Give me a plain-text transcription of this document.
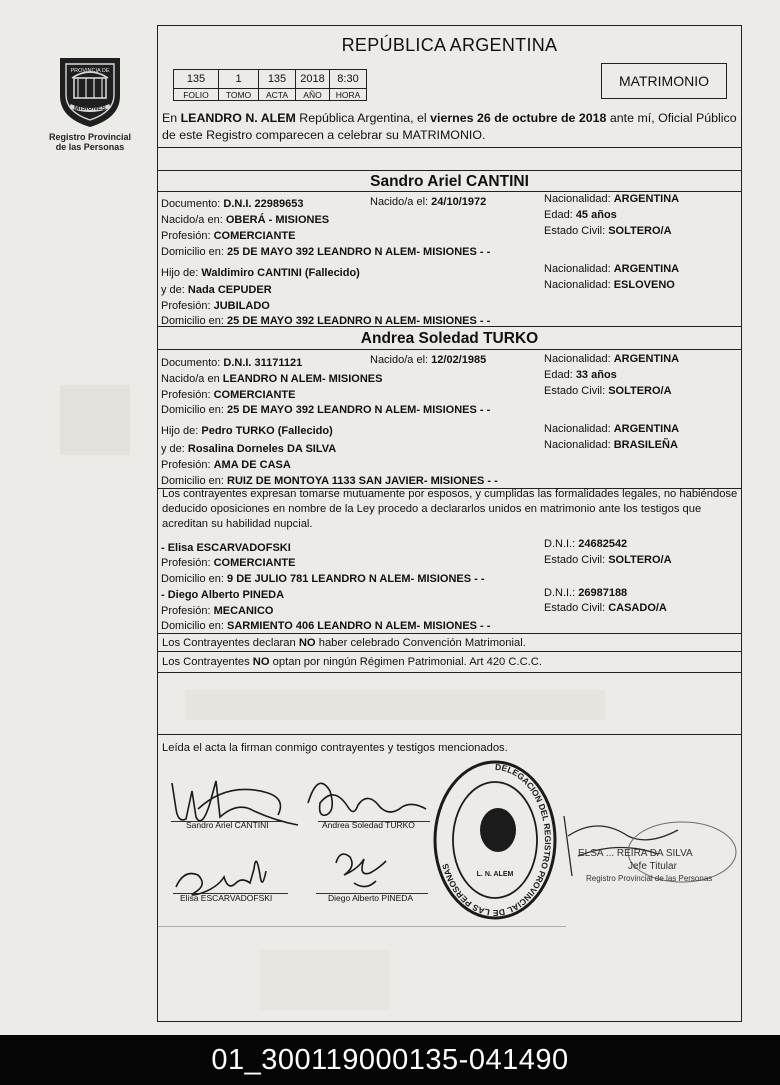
PROVINCIA DE
MISIONES
Registro Provincial
de las Personas
REPÚBLICA ARGENTINA
135	1	135	2018	8:30
FOLIO	TOMO	ACTA	AÑO	HORA
MATRIMONIO
En LEANDRO N. ALEM República Argentina, el viernes 26 de octubre de 2018 ante mí, Oficial Público de este Registro comparecen a celebrar su MATRIMONIO.
Sandro Ariel CANTINI
Documento: D.N.I. 22989653	Nacido/a el: 24/10/1972	Nacionalidad: ARGENTINA
Nacido/a en: OBERÁ - MISIONES	Edad: 45 años
Profesión: COMERCIANTE	Estado Civil: SOLTERO/A
Domicilio en: 25 DE MAYO 392 LEANDRO N ALEM- MISIONES - -
Hijo de: Waldimiro CANTINI (Fallecido)	Nacionalidad: ARGENTINA
y de: Nada CEPUDER	Nacionalidad: ESLOVENO
Profesión: JUBILADO
Domicilio en: 25 DE MAYO 392 LEADNRO N ALEM- MISIONES - -
Andrea Soledad TURKO
Documento: D.N.I. 31171121	Nacido/a el: 12/02/1985	Nacionalidad: ARGENTINA
Nacido/a en LEANDRO N ALEM- MISIONES	Edad: 33 años
Profesión: COMERCIANTE	Estado Civil: SOLTERO/A
Domicilio en: 25 DE MAYO 392 LEANDRO N ALEM- MISIONES - -
Hijo de: Pedro TURKO (Fallecido)	Nacionalidad: ARGENTINA
y de: Rosalina Dorneles DA SILVA	Nacionalidad: BRASILEÑA
Profesión: AMA DE CASA
Domicilio en: RUIZ DE MONTOYA 1133 SAN JAVIER- MISIONES - -
Los contrayentes expresan tomarse mutuamente por esposos, y cumplidas las formalidades legales, no habiéndose deducido oposiciones en nombre de la Ley procedo a declararlos unidos en matrimonio ante los testigos que acreditan su habilidad nupcial.
- Elisa ESCARVADOFSKI	D.N.I.: 24682542
Profesión: COMERCIANTE	Estado Civil: SOLTERO/A
Domicilio en: 9 DE JULIO 781 LEANDRO N ALEM- MISIONES - -
- Diego Alberto PINEDA	D.N.I.: 26987188
Profesión: MECANICO	Estado Civil: CASADO/A
Domicilio en: SARMIENTO 406 LEANDRO N ALEM- MISIONES - -
Los Contrayentes declaran NO haber celebrado Convención Matrimonial.
Los Contrayentes NO optan por ningún Régimen Patrimonial. Art 420 C.C.C.
Leída el acta la firman conmigo contrayentes y testigos mencionados.
Sandro Ariel CANTINI	Andrea Soledad TURKO
Elisa ESCARVADOFSKI	Diego Alberto PINEDA
DELEGACION DEL REGISTRO PROVINCIAL DE LAS PERSONAS
L. N. ALEM
ELSA ... REIRA DA SILVA
Jefe Titular
Registro Provincial de las Personas
01_300119000135-041490
